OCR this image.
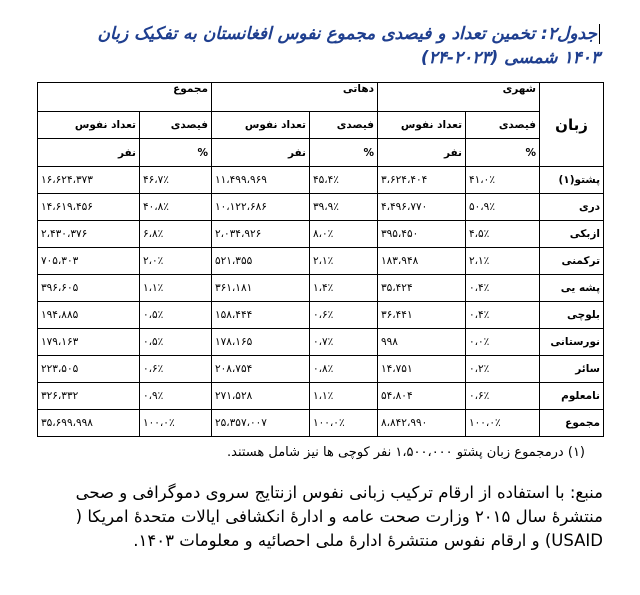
جدول۲: تخمین تعداد و فیصدی مجموع نفوس افغانستان به تفکیک زبان
۱۴۰۳ شمسی (۲۰۲۳-۲۴)
زبان	شهری		دهاتی		مجموع	
	فیصدی	تعداد نفوس	فیصدی	تعداد نفوس	فیصدی	تعداد نفوس
	%	نفر	%	نفر	%	نفر
پشتو(۱)	۴۱،۰٪	۳،۶۲۴،۴۰۴	۴۵،۴٪	۱۱،۴۹۹،۹۶۹	۴۶،۷٪	۱۶،۶۲۴،۳۷۳
دری	۵۰،۹٪	۴،۴۹۶،۷۷۰	۳۹،۹٪	۱۰،۱۲۲،۶۸۶	۴۰،۸٪	۱۴،۶۱۹،۴۵۶
ازبکی	۴،۵٪	۳۹۵،۴۵۰	۸،۰٪	۲،۰۳۴،۹۲۶	۶،۸٪	۲،۴۳۰،۳۷۶
ترکمنی	۲،۱٪	۱۸۳،۹۴۸	۲،۱٪	۵۲۱،۳۵۵	۲،۰٪	۷۰۵،۳۰۳
پشه یی	۰،۴٪	۳۵،۴۲۴	۱،۴٪	۳۶۱،۱۸۱	۱،۱٪	۳۹۶،۶۰۵
بلوچی	۰،۴٪	۳۶،۴۴۱	۰،۶٪	۱۵۸،۴۴۴	۰،۵٪	۱۹۴،۸۸۵
نورستانی	۰،۰٪	۹۹۸	۰،۷٪	۱۷۸،۱۶۵	۰،۵٪	۱۷۹،۱۶۳
سائر	۰،۲٪	۱۴،۷۵۱	۰،۸٪	۲۰۸،۷۵۴	۰،۶٪	۲۲۳،۵۰۵
نامعلوم	۰،۶٪	۵۴،۸۰۴	۱،۱٪	۲۷۱،۵۲۸	۰،۹٪	۳۲۶،۳۳۲
مجموع	۱۰۰،۰٪	۸،۸۴۲،۹۹۰	۱۰۰،۰٪	۲۵،۳۵۷،۰۰۷	۱۰۰،۰٪	۳۵،۶۹۹،۹۹۸
(۱) درمجموع زبان پشتو ۱،۵۰۰،۰۰۰ نفر کوچی ها نیز شامل هستند.
منبع: با استفاده از ارقام ترکیب زبانی نفوس ازنتایج سروی دموگرافی و صحی منتشرۀ سال ۲۰۱۵ وزارت صحت عامه و ادارۀ انکشافی ایالات متحدۀ امریکا ( USAID) و ارقام نفوس منتشرۀ ادارۀ ملی احصائیه و معلومات ۱۴۰۳.
